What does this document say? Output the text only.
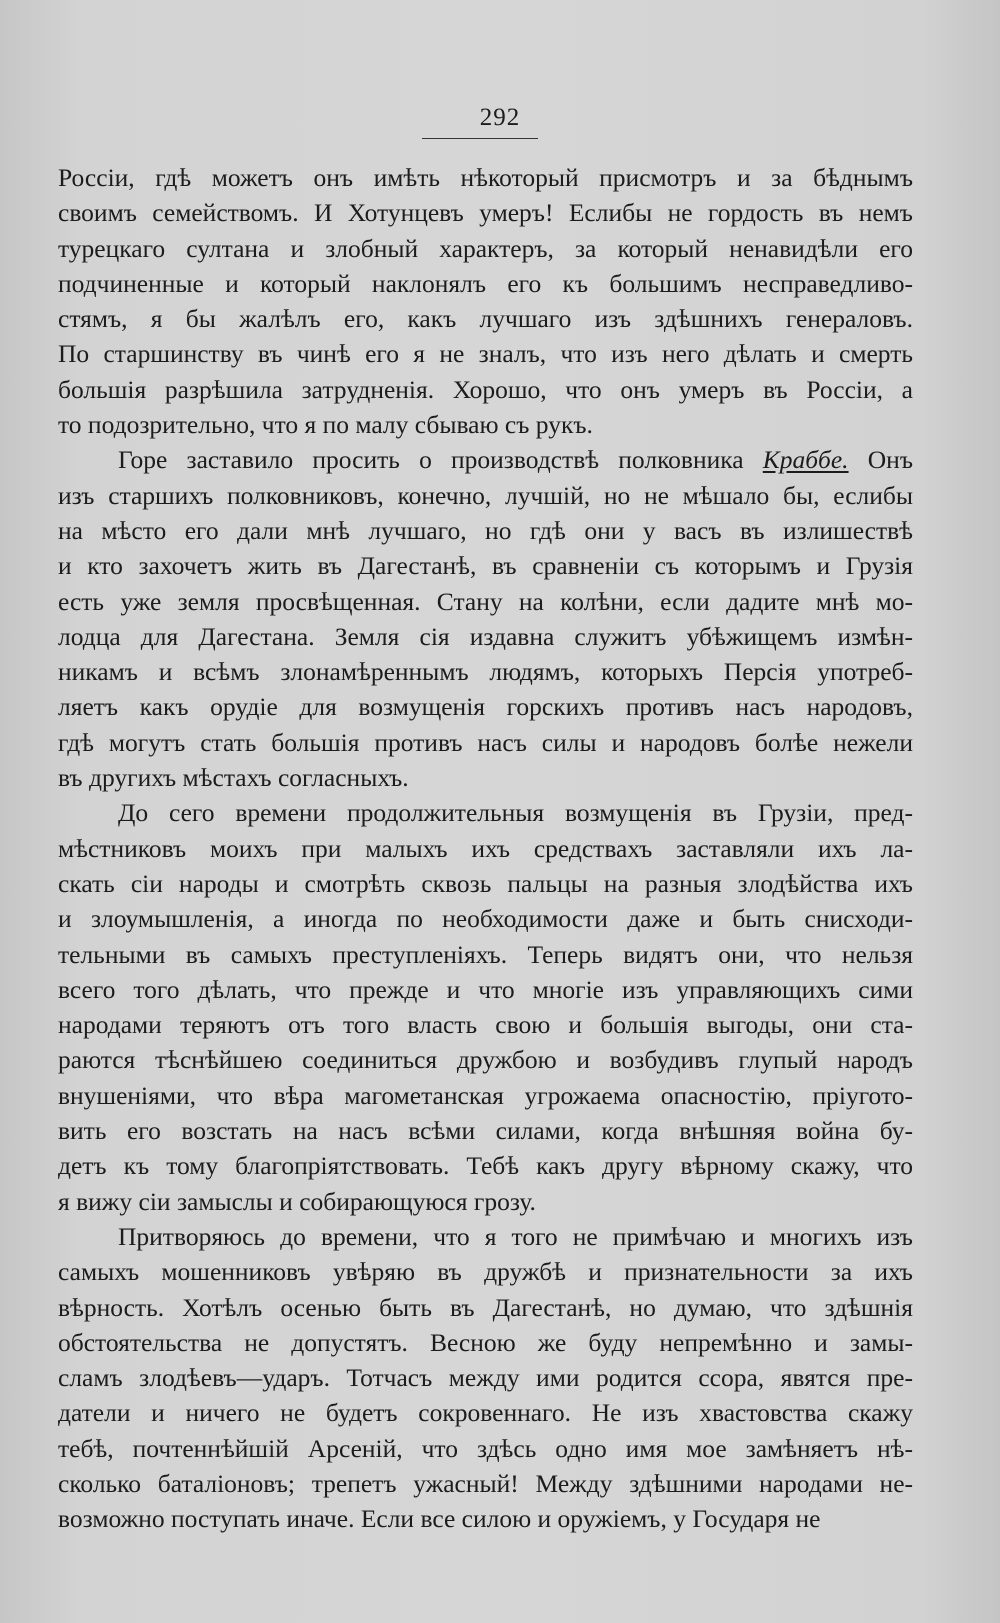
292
Россіи, гдѣ можетъ онъ имѣть нѣкоторый присмотръ и за бѣднымъ
своимъ семействомъ. И Хотунцевъ умеръ! Еслибы не гордость въ немъ
турецкаго султана и злобный характеръ, за который ненавидѣли его
подчиненные и который наклонялъ его къ большимъ несправедливо-
стямъ, я бы жалѣлъ его, какъ лучшаго изъ здѣшнихъ генераловъ.
По старшинству въ чинѣ его я не зналъ, что изъ него дѣлать и смерть
большія разрѣшила затрудненія. Хорошо, что онъ умеръ въ Россіи, а
то подозрительно, что я по малу сбываю съ рукъ.
Горе заставило просить о производствѣ полковника Краббе. Онъ
изъ старшихъ полковниковъ, конечно, лучшій, но не мѣшало бы, еслибы
на мѣсто его дали мнѣ лучшаго, но гдѣ они у васъ въ излишествѣ
и кто захочетъ жить въ Дагестанѣ, въ сравненіи съ которымъ и Грузія
есть уже земля просвѣщенная. Стану на колѣни, если дадите мнѣ мо-
лодца для Дагестана. Земля сія издавна служитъ убѣжищемъ измѣн-
никамъ и всѣмъ злонамѣреннымъ людямъ, которыхъ Персія употреб-
ляетъ какъ орудіе для возмущенія горскихъ противъ насъ народовъ,
гдѣ могутъ стать большія противъ насъ силы и народовъ болѣе нежели
въ другихъ мѣстахъ согласныхъ.
До сего времени продолжительныя возмущенія въ Грузіи, пред-
мѣстниковъ моихъ при малыхъ ихъ средствахъ заставляли ихъ ла-
скать сіи народы и смотрѣть сквозь пальцы на разныя злодѣйства ихъ
и злоумышленія, а иногда по необходимости даже и быть снисходи-
тельными въ самыхъ преступленіяхъ. Теперь видятъ они, что нельзя
всего того дѣлать, что прежде и что многіе изъ управляющихъ сими
народами теряютъ отъ того власть свою и большія выгоды, они ста-
раются тѣснѣйшею соединиться дружбою и возбудивъ глупый народъ
внушеніями, что вѣра магометанская угрожаема опасностію, пріугото-
вить его возстать на насъ всѣми силами, когда внѣшняя война бу-
детъ къ тому благопріятствовать. Тебѣ какъ другу вѣрному скажу, что
я вижу сіи замыслы и собирающуюся грозу.
Притворяюсь до времени, что я того не примѣчаю и многихъ изъ
самыхъ мошенниковъ увѣряю въ дружбѣ и признательности за ихъ
вѣрность. Хотѣлъ осенью быть въ Дагестанѣ, но думаю, что здѣшнія
обстоятельства не допустятъ. Весною же буду непремѣнно и замы-
сламъ злодѣевъ—ударъ. Тотчасъ между ими родится ссора, явятся пре-
датели и ничего не будетъ сокровеннаго. Не изъ хвастовства скажу
тебѣ, почтеннѣйшій Арсеній, что здѣсь одно имя мое замѣняетъ нѣ-
сколько баталіоновъ; трепетъ ужасный! Между здѣшними народами не-
возможно поступать иначе. Если все силою и оружіемъ, у Государя не
